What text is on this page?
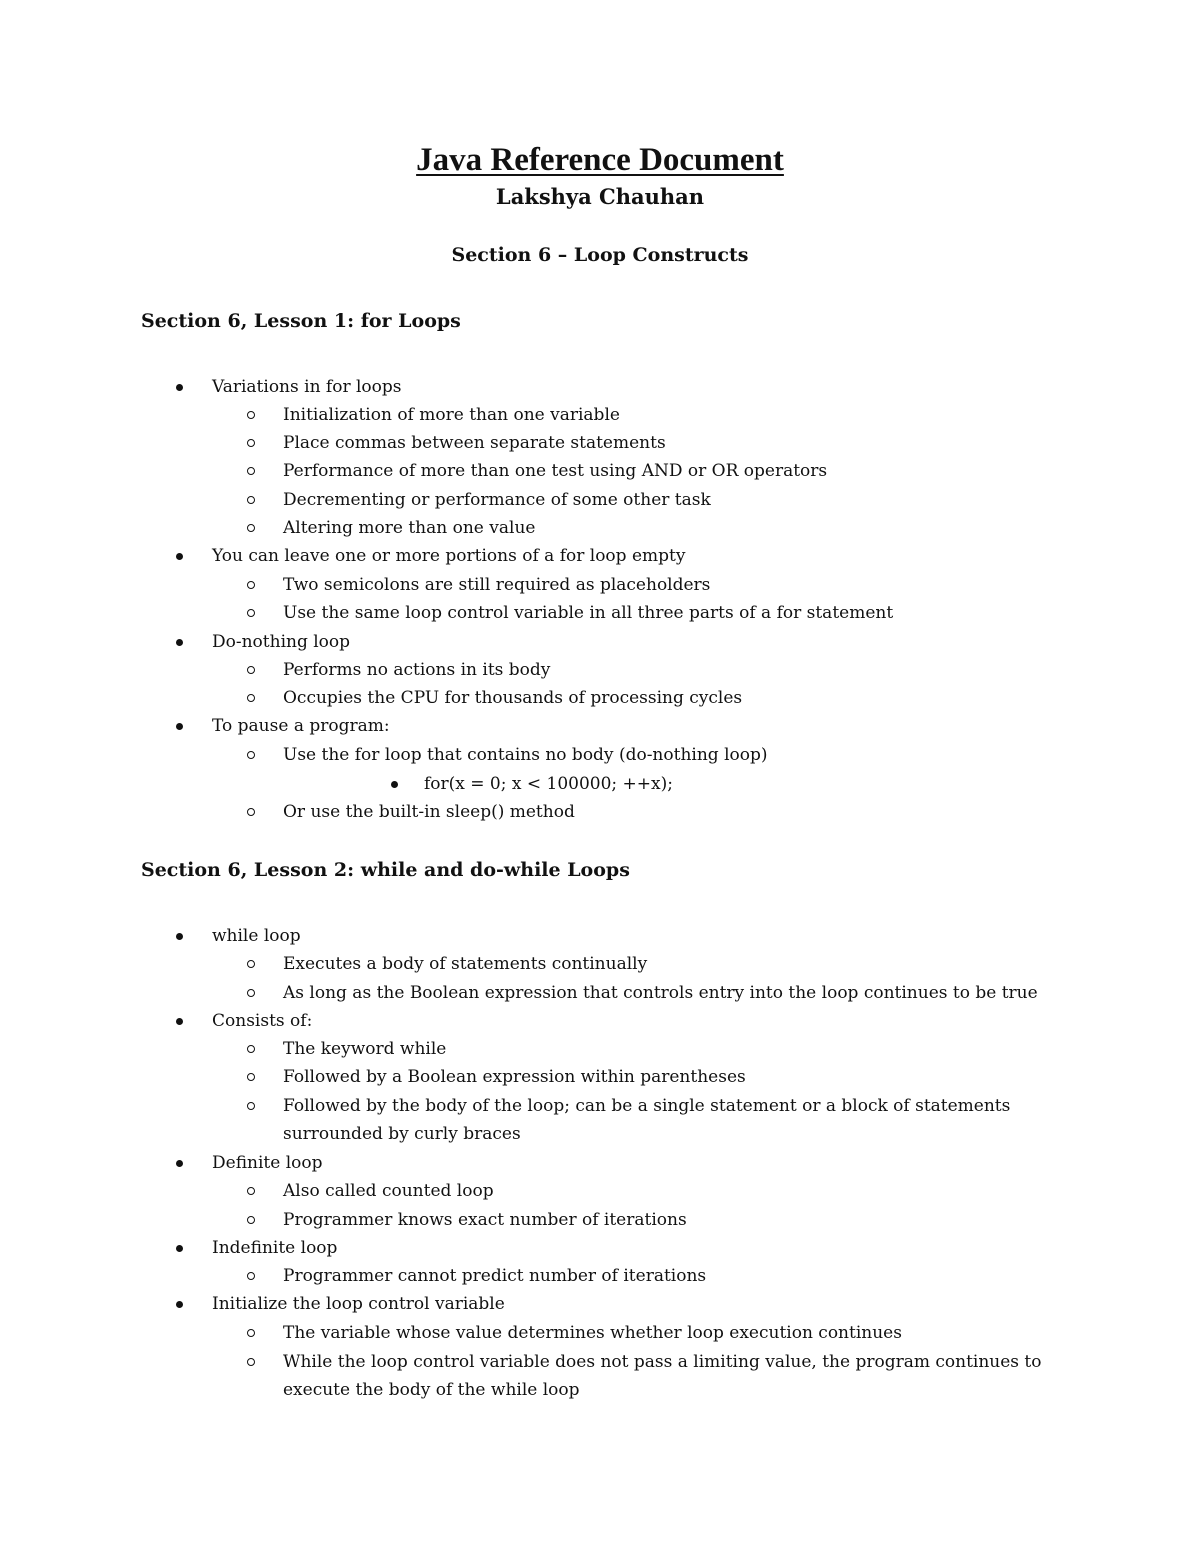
Java Reference Document
Lakshya Chauhan
Section 6 – Loop Constructs
Section 6, Lesson 1: for Loops
Variations in for loops
Initialization of more than one variable
Place commas between separate statements
Performance of more than one test using AND or OR operators
Decrementing or performance of some other task
Altering more than one value
You can leave one or more portions of a for loop empty
Two semicolons are still required as placeholders
Use the same loop control variable in all three parts of a for statement
Do-nothing loop
Performs no actions in its body
Occupies the CPU for thousands of processing cycles
To pause a program:
Use the for loop that contains no body (do-nothing loop)
for(x = 0; x < 100000; ++x);
Or use the built-in sleep() method
Section 6, Lesson 2: while and do-while Loops
while loop
Executes a body of statements continually
As long as the Boolean expression that controls entry into the loop continues to be true
Consists of:
The keyword while
Followed by a Boolean expression within parentheses
Followed by the body of the loop; can be a single statement or a block of statements
surrounded by curly braces
Definite loop
Also called counted loop
Programmer knows exact number of iterations
Indefinite loop
Programmer cannot predict number of iterations
Initialize the loop control variable
The variable whose value determines whether loop execution continues
While the loop control variable does not pass a limiting value, the program continues to
execute the body of the while loop
